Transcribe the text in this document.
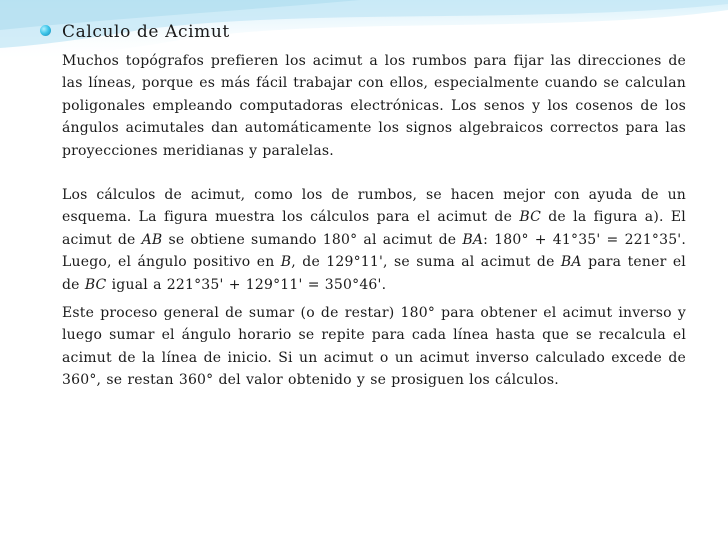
Calculo de Acimut

Muchos topógrafos prefieren los acimut a los rumbos para fijar las direcciones de las líneas, porque es más fácil trabajar con ellos, especialmente cuando se calculan poligonales empleando computadoras electrónicas. Los senos y los cosenos de los ángulos acimutales dan automáticamente los signos algebraicos correctos para las proyecciones meridianas y paralelas.

Los cálculos de acimut, como los de rumbos, se hacen mejor con ayuda de un esquema. La figura muestra los cálculos para el acimut de BC de la figura a). El acimut de AB se obtiene sumando 180° al acimut de BA: 180° + 41°35' = 221°35'. Luego, el ángulo positivo en B, de 129°11', se suma al acimut de BA para tener el de BC igual a 221°35' + 129°11' = 350°46'.

Este proceso general de sumar (o de restar) 180° para obtener el acimut inverso y luego sumar el ángulo horario se repite para cada línea hasta que se recalcula el acimut de la línea de inicio. Si un acimut o un acimut inverso calculado excede de 360°, se restan 360° del valor obtenido y se prosiguen los cálculos.
